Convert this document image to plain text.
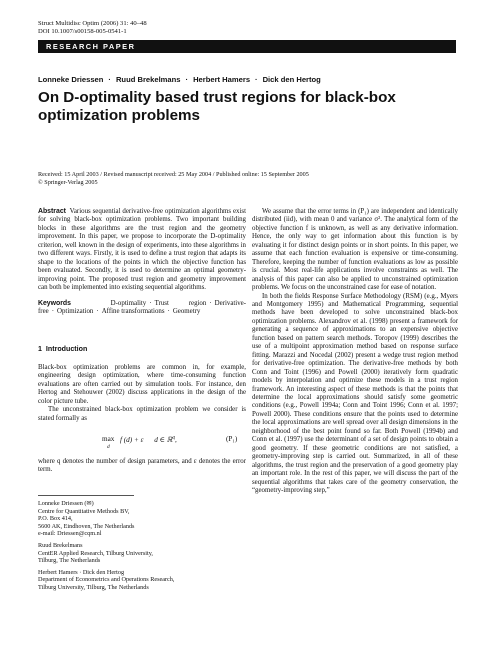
Struct Multidisc Optim (2006) 31: 40–48
DOI 10.1007/s00158-005-0541-1
RESEARCH PAPER
Lonneke Driessen · Ruud Brekelmans · Herbert Hamers · Dick den Hertog
On D-optimality based trust regions for black-box optimization problems
Received: 15 April 2003 / Revised manuscript received: 25 May 2004 / Published online: 15 September 2005
© Springer-Verlag 2005

Abstract Various sequential derivative-free optimization algorithms exist for solving black-box optimization problems. Two important building blocks in these algorithms are the trust region and the geometry improvement. In this paper, we propose to incorporate the D-optimality criterion, well known in the design of experiments, into these algorithms in two different ways. Firstly, it is used to define a trust region that adapts its shape to the locations of the points in which the objective function has been evaluated. Secondly, it is used to determine an optimal geometry-improving point. The proposed trust region and geometry improvement can both be implemented into existing sequential algorithms.

Keywords	D-optimality · Trust region · Derivative-free · Optimization · Affine transformations · Geometry
1 Introduction

Black-box optimization problems are common in, for example, engineering design optimization, where time-consuming function evaluations are often carried out by simulation tools. For instance, den Hertog and Stehouwer (2002) discuss applications in the design of the color picture tube.

The unconstrained black-box optimization problem we consider is stated formally as

max
d
f (d) + ε      d ∈ ℝ$^q$,	(P₁)

where q denotes the number of design parameters, and ε denotes the error term.

Lonneke Driessen (✉)
Centre for Quantitative Methods BV,
P.O. Box 414,
5600 AK, Eindhoven, The Netherlands
e-mail: Driessen@cqm.nl
Ruud Brekelmans
CentER Applied Research, Tilburg University,
Tilburg, The Netherlands
Herbert Hamers · Dick den Hertog
Department of Econometrics and Operations Research,
Tilburg University, Tilburg, The Netherlands

We assume that the error terms in (P₁) are independent and identically distributed (iid), with mean 0 and variance σ². The analytical form of the objective function f is unknown, as well as any derivative information. Hence, the only way to get information about this function is by evaluating it for distinct design points or in short points. In this paper, we assume that each function evaluation is expensive or time-consuming. Therefore, keeping the number of function evaluations as low as possible is crucial. Most real-life applications involve constraints as well. The analysis of this paper can also be applied to unconstrained optimization problems. We focus on the unconstrained case for ease of notation.

In both the fields Response Surface Methodology (RSM) (e.g., Myers and Montgomery 1995) and Mathematical Programming, sequential methods have been developed to solve unconstrained black-box optimization problems. Alexandrov et al. (1998) present a framework for generating a sequence of approximations to an expensive objective function based on pattern search methods. Toropov (1999) describes the use of a multipoint approximation method based on response surface fitting. Marazzi and Nocedal (2002) present a wedge trust region method for derivative-free optimization. The derivative-free methods by both Conn and Toint (1996) and Powell (2000) iteratively form quadratic models by interpolation and optimize these models in a trust region framework. An interesting aspect of these methods is that the points that determine the local approximations should satisfy some geometric conditions (e.g., Powell 1994a; Conn and Toint 1996; Conn et al. 1997; Powell 2000). These conditions ensure that the points used to determine the local approximations are well spread over all design dimensions in the neighborhood of the best point found so far. Both Powell (1994b) and Conn et al. (1997) use the determinant of a set of design points to obtain a good geometry. If these geometric conditions are not satisfied, a geometry-improving step is carried out. Summarized, in all of these algorithms, the trust region and the preservation of a good geometry play an important role. In the rest of this paper, we will discuss the part of the sequential algorithms that takes care of the geometry conservation, the “geometry-improving step,”
